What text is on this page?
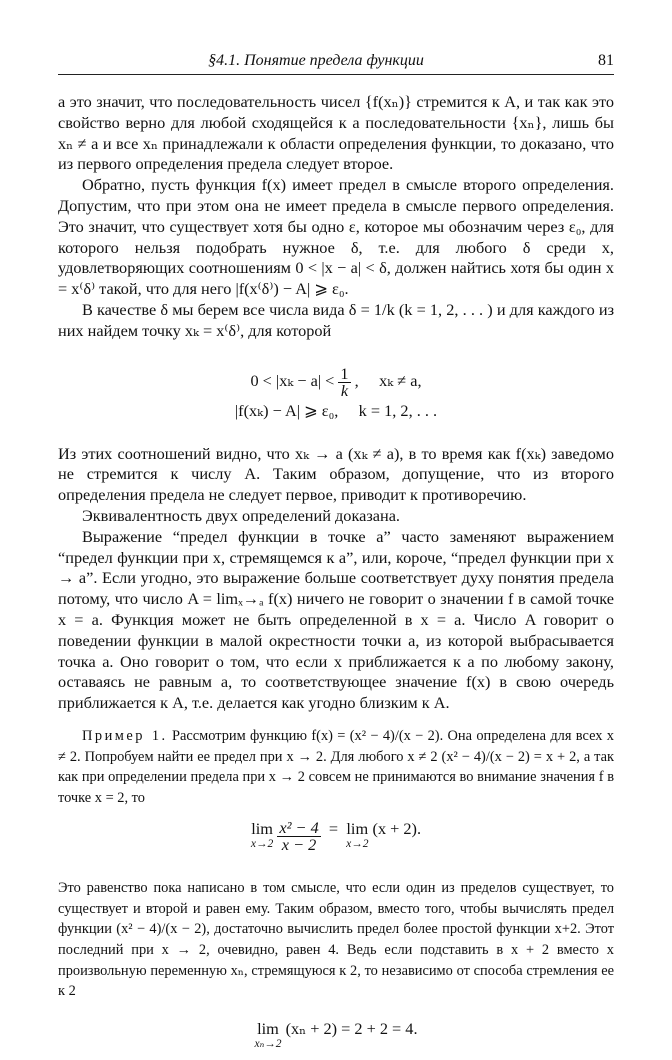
§4.1. Понятие предела функции	81

а это значит, что последовательность чисел {f(xₙ)} стремится к A, и так как это свойство верно для любой сходящейся к a последовательности {xₙ}, лишь бы xₙ ≠ a и все xₙ принадлежали к области определения функции, то доказано, что из первого определения предела следует второе.

Обратно, пусть функция f(x) имеет предел в смысле второго определения. Допустим, что при этом она не имеет предела в смысле первого определения. Это значит, что существует хотя бы одно ε, которое мы обозначим через ε₀, для которого нельзя подобрать нужное δ, т.е. для любого δ среди x, удовлетворяющих соотношениям 0 < |x − a| < δ, должен найтись хотя бы один x = x⁽δ⁾ такой, что для него |f(x⁽δ⁾) − A| ⩾ ε₀.

В качестве δ мы берем все числа вида δ = 1/k (k = 1, 2, . . . ) и для каждого из них найдем точку xₖ = x⁽δ⁾, для которой

$0 < |x_k - a| < \frac{1}{k}$ ,     xₖ ≠ a,
|f(xₖ) − A| ⩾ ε₀,     k = 1, 2, . . .

Из этих соотношений видно, что xₖ → a (xₖ ≠ a), в то время как f(xₖ) заведомо не стремится к числу A. Таким образом, допущение, что из второго определения предела не следует первое, приводит к противоречию.

Эквивалентность двух определений доказана.

Выражение “предел функции в точке a” часто заменяют выражением “предел функции при x, стремящемся к a”, или, короче, “предел функции при x → a”. Если угодно, это выражение больше соответствует духу понятия предела потому, что число A = limₓ→ₐ f(x) ничего не говорит о значении f в самой точке x = a. Функция может не быть определенной в x = a. Число A говорит о поведении функции в малой окрестности точки a, из которой выбрасывается точка a. Оно говорит о том, что если x приближается к a по любому закону, оставаясь не равным a, то соответствующее значение f(x) в свою очередь приближается к A, т.е. делается как угодно близким к A.

Пример 1. Рассмотрим функцию f(x) = (x² − 4)/(x − 2). Она определена для всех x ≠ 2. Попробуем найти ее предел при x → 2. Для любого x ≠ 2 (x² − 4)/(x − 2) = x + 2, а так как при определении предела при x → 2 совсем не принимаются во внимание значения f в точке x = 2, то

lim
x→2
$\frac{\text{x² − 4}}{x - 2} = \lim$
x→2
(x + 2).

Это равенство пока написано в том смысле, что если один из пределов существует, то существует и второй и равен ему. Таким образом, вместо того, чтобы вычислять предел функции (x² − 4)/(x − 2), достаточно вычислить предел более простой функции x+2. Этот последний при x → 2, очевидно, равен 4. Ведь если подставить в x + 2 вместо x произвольную переменную xₙ, стремящуюся к 2, то независимо от способа стремления ее к 2

lim
xₙ→2
(xₙ + 2) = 2 + 2 = 4.
